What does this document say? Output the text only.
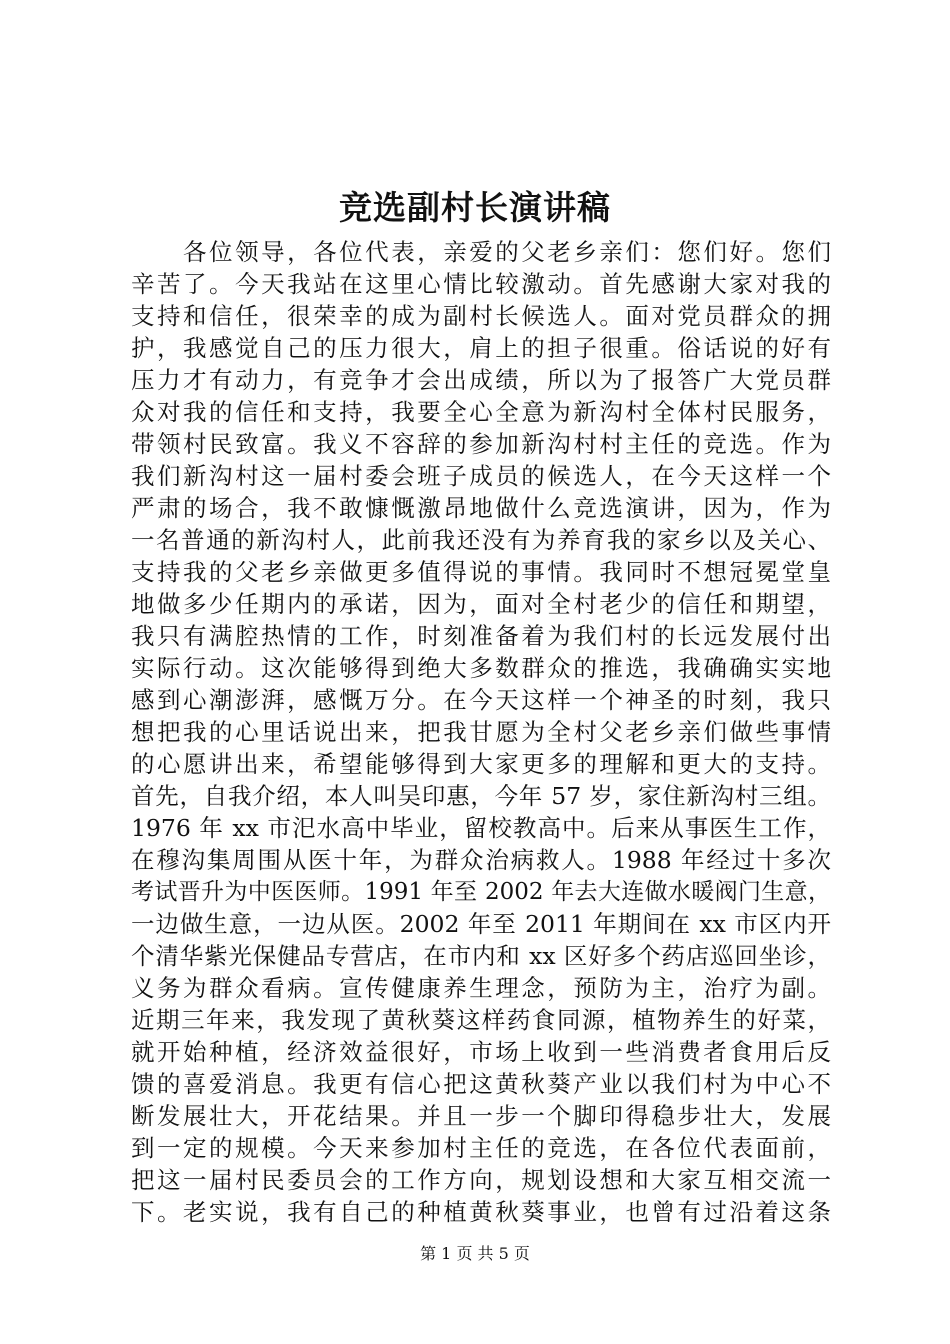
竞选副村长演讲稿
　　各位领导，各位代表，亲爱的父老乡亲们：您们好。您们
辛苦了。今天我站在这里心情比较激动。首先感谢大家对我的
支持和信任，很荣幸的成为副村长候选人。面对党员群众的拥
护，我感觉自己的压力很大，肩上的担子很重。俗话说的好有
压力才有动力，有竞争才会出成绩，所以为了报答广大党员群
众对我的信任和支持，我要全心全意为新沟村全体村民服务，
带领村民致富。我义不容辞的参加新沟村村主任的竞选。作为
我们新沟村这一届村委会班子成员的候选人，在今天这样一个
严肃的场合，我不敢慷慨激昂地做什么竞选演讲，因为，作为
一名普通的新沟村人，此前我还没有为养育我的家乡以及关心、
支持我的父老乡亲做更多值得说的事情。我同时不想冠冕堂皇
地做多少任期内的承诺，因为，面对全村老少的信任和期望，
我只有满腔热情的工作，时刻准备着为我们村的长远发展付出
实际行动。这次能够得到绝大多数群众的推选，我确确实实地
感到心潮澎湃，感慨万分。在今天这样一个神圣的时刻，我只
想把我的心里话说出来，把我甘愿为全村父老乡亲们做些事情
的心愿讲出来，希望能够得到大家更多的理解和更大的支持。
首先，自我介绍，本人叫吴印惠，今年 57 岁，家住新沟村三组。
1976 年 xx 市汜水高中毕业，留校教高中。后来从事医生工作，
在穆沟集周围从医十年，为群众治病救人。1988 年经过十多次
考试晋升为中医医师。1991 年至 2002 年去大连做水暖阀门生意，
一边做生意，一边从医。2002 年至 2011 年期间在 xx 市区内开
个清华紫光保健品专营店，在市内和 xx 区好多个药店巡回坐诊，
义务为群众看病。宣传健康养生理念，预防为主，治疗为副。
近期三年来，我发现了黄秋葵这样药食同源，植物养生的好菜，
就开始种植，经济效益很好，市场上收到一些消费者食用后反
馈的喜爱消息。我更有信心把这黄秋葵产业以我们村为中心不
断发展壮大，开花结果。并且一步一个脚印得稳步壮大，发展
到一定的规模。今天来参加村主任的竞选，在各位代表面前，
把这一届村民委员会的工作方向，规划设想和大家互相交流一
下。老实说，我有自己的种植黄秋葵事业，也曾有过沿着这条
第 1 页 共 5 页
